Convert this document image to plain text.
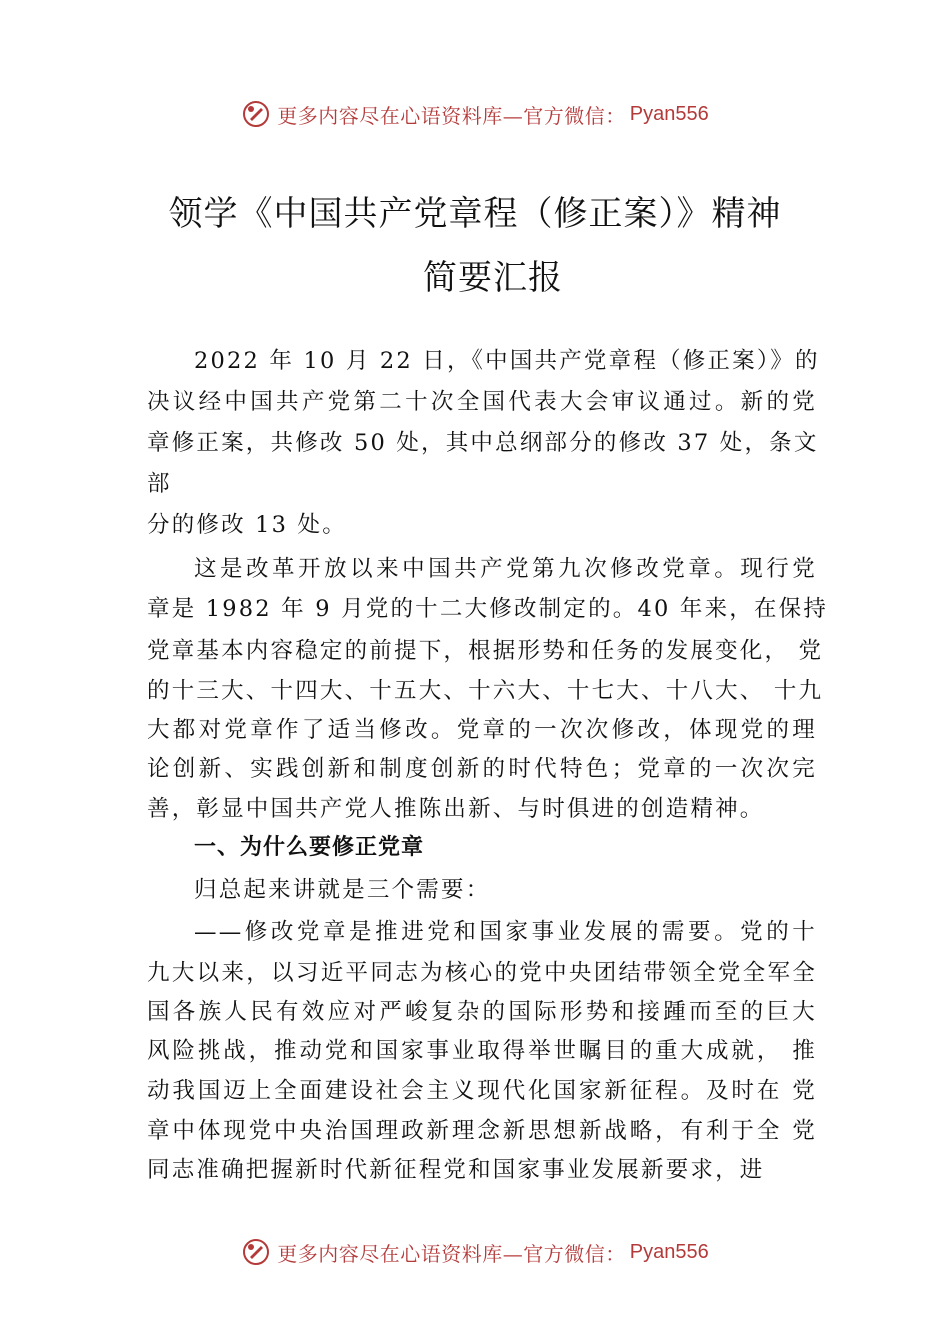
更多内容尽在心语资料库—官方微信： Pyan556
领学《中国共产党章程（修正案）》精神
简要汇报
2022 年 10 月 22 日，《中国共产党章程（修正案）》的
决议经中国共产党第二十次全国代表大会审议通过。新的党
章修正案，共修改 50 处，其中总纲部分的修改 37 处，条文
部
分的修改 13 处。
这是改革开放以来中国共产党第九次修改党章。现行党
章是 1982 年 9 月党的十二大修改制定的。40 年来，在保持
党章基本内容稳定的前提下，根据形势和任务的发展变化， 党
的十三大、十四大、十五大、十六大、十七大、十八大、 十九
大都对党章作了适当修改。党章的一次次修改，体现党的理
论创新、实践创新和制度创新的时代特色；党章的一次次完
善，彰显中国共产党人推陈出新、与时俱进的创造精神。
一、为什么要修正党章
归总起来讲就是三个需要：
——修改党章是推进党和国家事业发展的需要。党的十
九大以来，以习近平同志为核心的党中央团结带领全党全军全
国各族人民有效应对严峻复杂的国际形势和接踵而至的巨大
风险挑战，推动党和国家事业取得举世瞩目的重大成就， 推
动我国迈上全面建设社会主义现代化国家新征程。及时在 党
章中体现党中央治国理政新理念新思想新战略，有利于全 党
同志准确把握新时代新征程党和国家事业发展新要求，进
更多内容尽在心语资料库—官方微信： Pyan556
